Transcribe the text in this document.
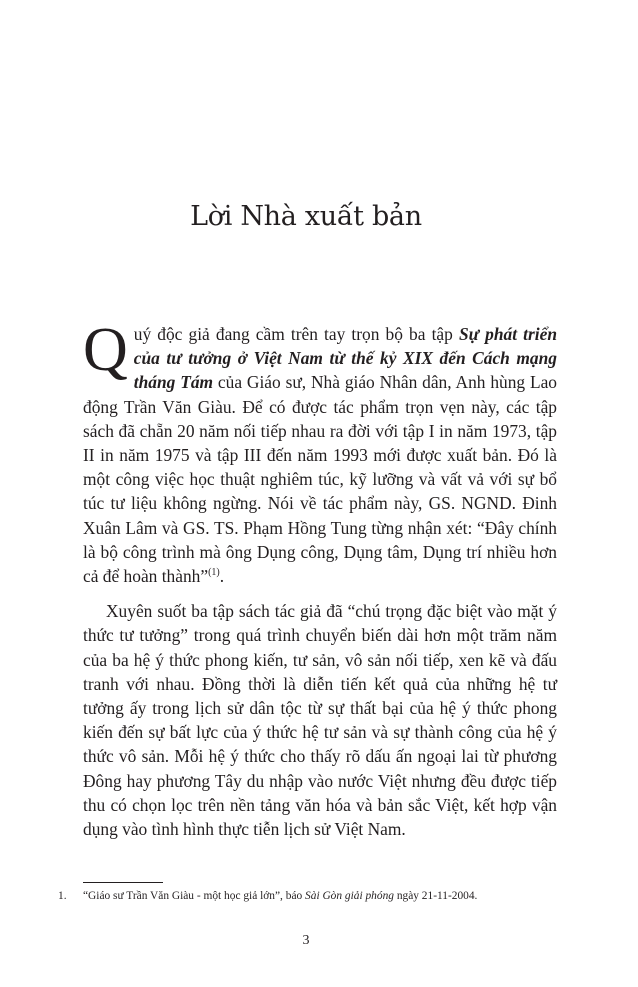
Lời Nhà xuất bản

Quý độc giả đang cầm trên tay trọn bộ ba tập Sự phát triển của tư tưởng ở Việt Nam từ thế kỷ XIX đến Cách mạng tháng Tám của Giáo sư, Nhà giáo Nhân dân, Anh hùng Lao động Trần Văn Giàu. Để có được tác phẩm trọn vẹn này, các tập sách đã chẵn 20 năm nối tiếp nhau ra đời với tập I in năm 1973, tập II in năm 1975 và tập III đến năm 1993 mới được xuất bản. Đó là một công việc học thuật nghiêm túc, kỹ lưỡng và vất vả với sự bổ túc tư liệu không ngừng. Nói về tác phẩm này, GS. NGND. Đinh Xuân Lâm và GS. TS. Phạm Hồng Tung từng nhận xét: “Đây chính là bộ công trình mà ông Dụng công, Dụng tâm, Dụng trí nhiều hơn cả để hoàn thành”$^{(1)}$.

Xuyên suốt ba tập sách tác giả đã “chú trọng đặc biệt vào mặt ý thức tư tưởng” trong quá trình chuyển biến dài hơn một trăm năm của ba hệ ý thức phong kiến, tư sản, vô sản nối tiếp, xen kẽ và đấu tranh với nhau. Đồng thời là diễn tiến kết quả của những hệ tư tưởng ấy trong lịch sử dân tộc từ sự thất bại của hệ ý thức phong kiến đến sự bất lực của ý thức hệ tư sản và sự thành công của hệ ý thức vô sản. Mỗi hệ ý thức cho thấy rõ dấu ấn ngoại lai từ phương Đông hay phương Tây du nhập vào nước Việt nhưng đều được tiếp thu có chọn lọc trên nền tảng văn hóa và bản sắc Việt, kết hợp vận dụng vào tình hình thực tiễn lịch sử Việt Nam.

1. “Giáo sư Trần Văn Giàu - một học giả lớn”, báo Sài Gòn giải phóng ngày 21-11-2004.
3
